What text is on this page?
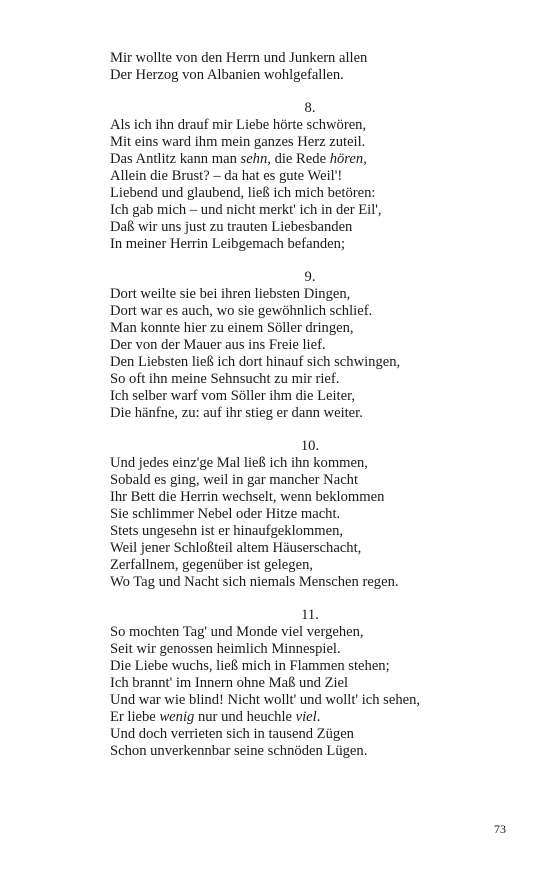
Mir wollte von den Herrn und Junkern allen
Der Herzog von Albanien wohlgefallen.
8.
Als ich ihn drauf mir Liebe hörte schwören,
Mit eins ward ihm mein ganzes Herz zuteil.
Das Antlitz kann man sehn, die Rede hören,
Allein die Brust? – da hat es gute Weil'!
Liebend und glaubend, ließ ich mich betören:
Ich gab mich – und nicht merkt' ich in der Eil',
Daß wir uns just zu trauten Liebesbanden
In meiner Herrin Leibgemach befanden;
9.
Dort weilte sie bei ihren liebsten Dingen,
Dort war es auch, wo sie gewöhnlich schlief.
Man konnte hier zu einem Söller dringen,
Der von der Mauer aus ins Freie lief.
Den Liebsten ließ ich dort hinauf sich schwingen,
So oft ihn meine Sehnsucht zu mir rief.
Ich selber warf vom Söller ihm die Leiter,
Die hänfne, zu: auf ihr stieg er dann weiter.
10.
Und jedes einz'ge Mal ließ ich ihn kommen,
Sobald es ging, weil in gar mancher Nacht
Ihr Bett die Herrin wechselt, wenn beklommen
Sie schlimmer Nebel oder Hitze macht.
Stets ungesehn ist er hinaufgeklommen,
Weil jener Schloßteil altem Häuserschacht,
Zerfallnem, gegenüber ist gelegen,
Wo Tag und Nacht sich niemals Menschen regen.
11.
So mochten Tag' und Monde viel vergehen,
Seit wir genossen heimlich Minnespiel.
Die Liebe wuchs, ließ mich in Flammen stehen;
Ich brannt' im Innern ohne Maß und Ziel
Und war wie blind! Nicht wollt' und wollt' ich sehen,
Er liebe wenig nur und heuchle viel.
Und doch verrieten sich in tausend Zügen
Schon unverkennbar seine schnöden Lügen.
73
